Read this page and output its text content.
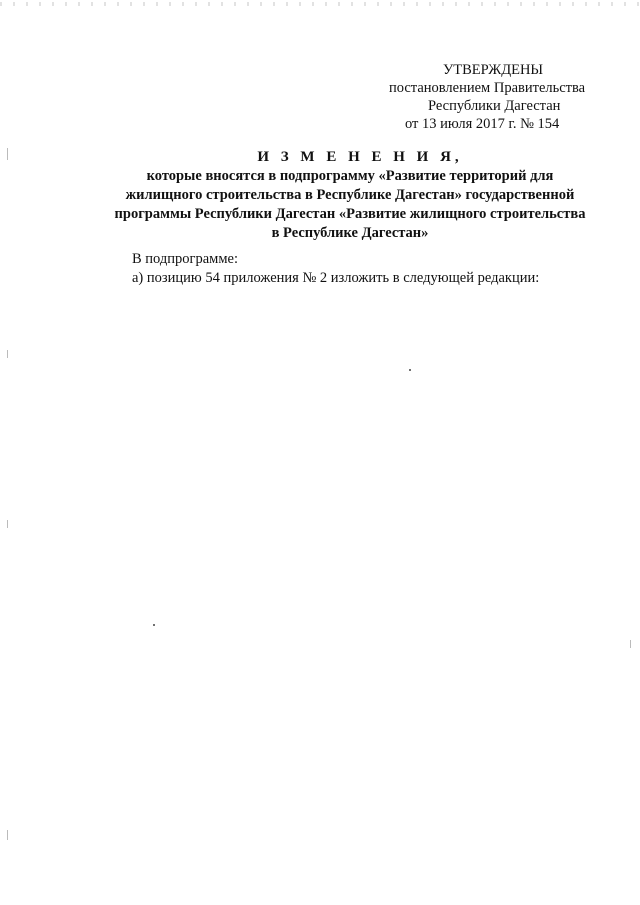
УТВЕРЖДЕНЫ
постановлением Правительства
Республики Дагестан
от 13 июля 2017 г. № 154
И З М Е Н Е Н И Я,
которые вносятся в подпрограмму «Развитие территорий для
жилищного строительства в Республике Дагестан» государственной
программы Республики Дагестан «Развитие жилищного строительства
в Республике Дагестан»
В подпрограмме:
а) позицию 54 приложения № 2 изложить в следующей редакции:
